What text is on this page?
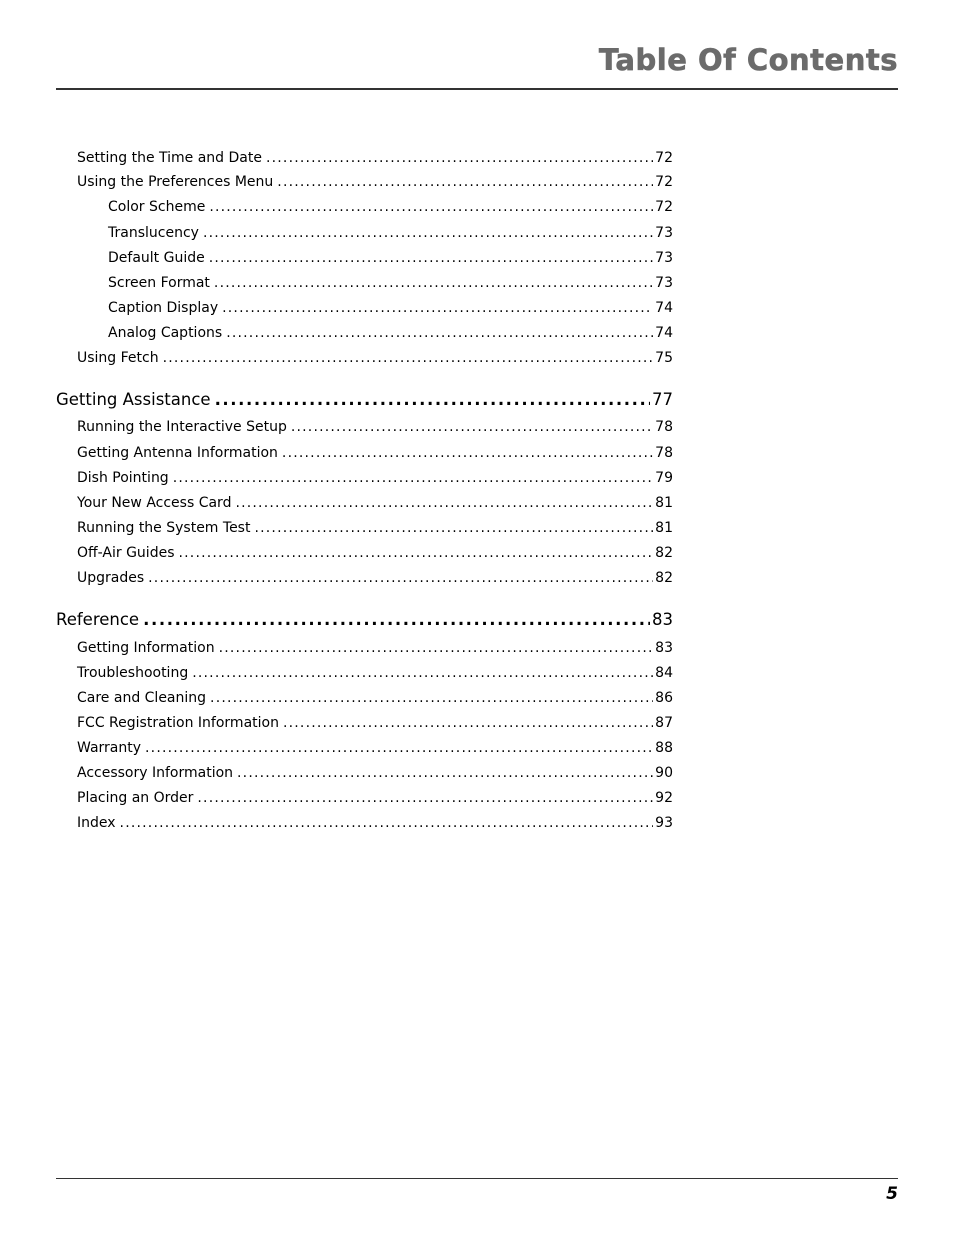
Table Of Contents
Setting the Time and Date .....	72
Using the Preferences Menu .....	72
Color Scheme .....	72
Translucency .....	73
Default Guide .....	73
Screen Format .....	73
Caption Display .....	74
Analog Captions .....	74
Using Fetch .....	75
Getting Assistance .....	77
Running the Interactive Setup .....	78
Getting Antenna Information .....	78
Dish Pointing .....	79
Your New Access Card .....	81
Running the System Test .....	81
Off-Air Guides .....	82
Upgrades .....	82
Reference .....	83
Getting Information .....	83
Troubleshooting .....	84
Care and Cleaning .....	86
FCC Registration Information .....	87
Warranty .....	88
Accessory Information .....	90
Placing an Order .....	92
Index .....	93
5
